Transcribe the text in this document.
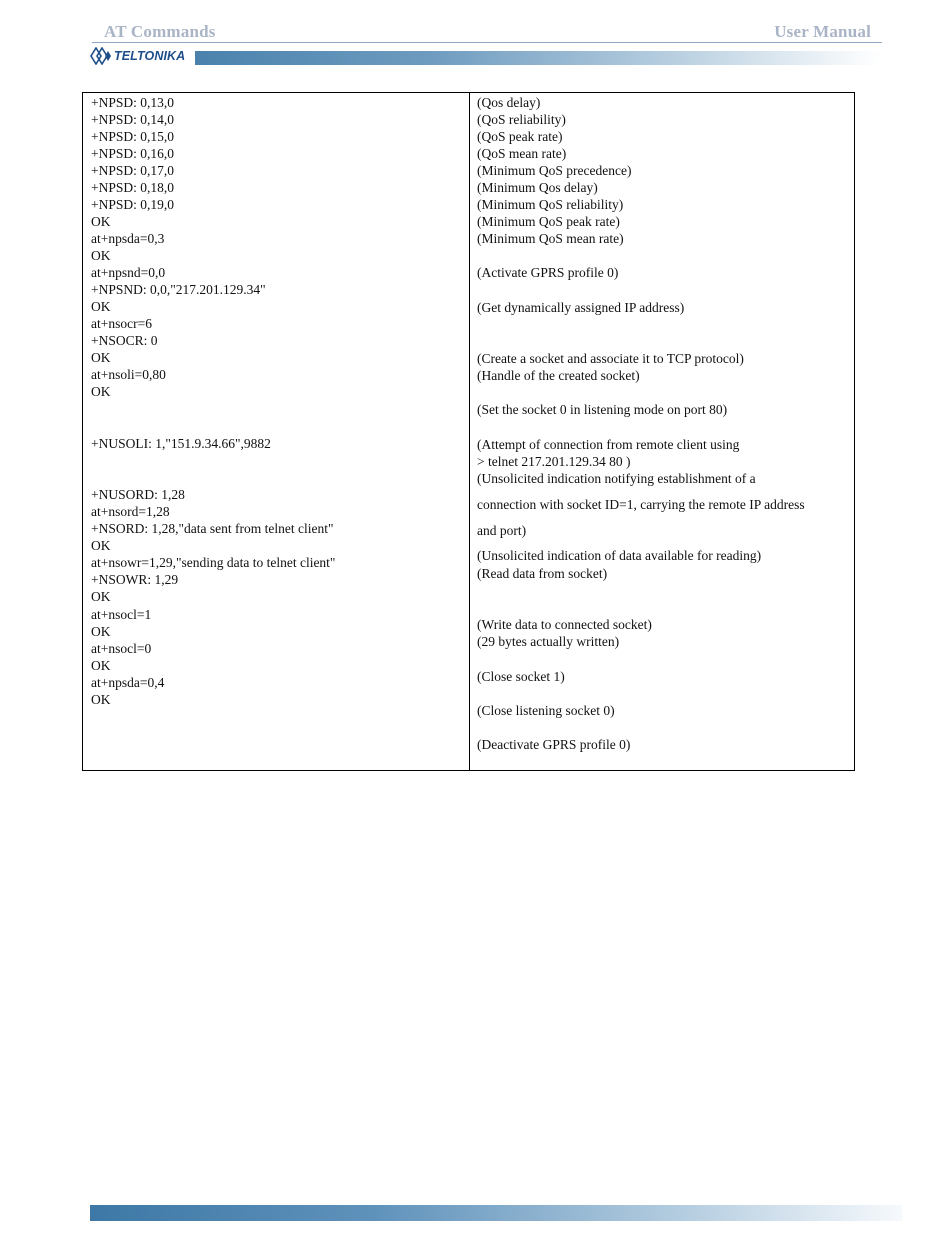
AT Commands	User Manual
TELTONIKA
+NPSD: 0,13,0
+NPSD: 0,14,0
+NPSD: 0,15,0
+NPSD: 0,16,0
+NPSD: 0,17,0
+NPSD: 0,18,0
+NPSD: 0,19,0
OK
at+npsda=0,3
OK
at+npsnd=0,0
+NPSND: 0,0,"217.201.129.34"
OK
at+nsocr=6
+NSOCR: 0
OK
at+nsoli=0,80
OK
+NUSOLI: 1,"151.9.34.66",9882
+NUSORD: 1,28
at+nsord=1,28
+NSORD: 1,28,"data sent from telnet client"
OK
at+nsowr=1,29,"sending data to telnet client"
+NSOWR: 1,29
OK
at+nsocl=1
OK
at+nsocl=0
OK
at+npsda=0,4
OK
(Qos delay)
(QoS reliability)
(QoS peak rate)
(QoS mean rate)
(Minimum QoS precedence)
(Minimum Qos delay)
(Minimum QoS reliability)
(Minimum QoS peak rate)
(Minimum QoS mean rate)
(Activate GPRS profile 0)
(Get dynamically assigned IP address)
(Create a socket and associate it to TCP protocol)
(Handle of the created socket)
(Set the socket 0 in listening mode on port 80)
(Attempt of connection from remote client using
> telnet 217.201.129.34 80 )
(Unsolicited indication notifying establishment of a
connection with socket ID=1, carrying the remote IP address
and port)
(Unsolicited indication of data available for reading)
(Read data from socket)
(Write data to connected socket)
(29 bytes actually written)
(Close socket 1)
(Close listening socket 0)
(Deactivate GPRS profile 0)
